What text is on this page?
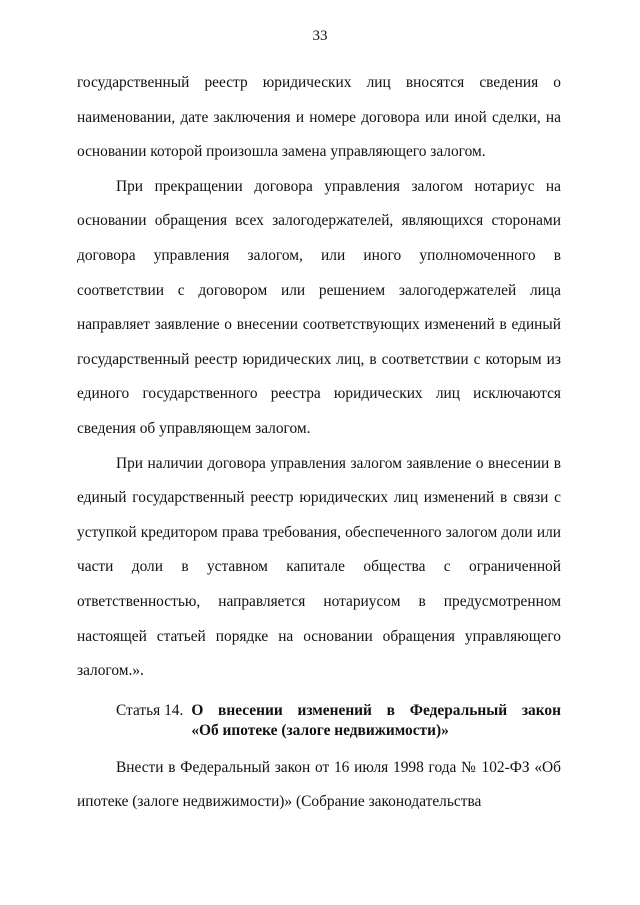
33

государственный реестр юридических лиц вносятся сведения о наименовании, дате заключения и номере договора или иной сделки, на основании которой произошла замена управляющего залогом.

При прекращении договора управления залогом нотариус на основании обращения всех залогодержателей, являющихся сторонами договора управления залогом, или иного уполномоченного в соответствии с договором или решением залогодержателей лица направляет заявление о внесении соответствующих изменений в единый государственный реестр юридических лиц, в соответствии с которым из единого государственного реестра юридических лиц исключаются сведения об управляющем залогом.

При наличии договора управления залогом заявление о внесении в единый государственный реестр юридических лиц изменений в связи с уступкой кредитором права требования, обеспеченного залогом доли или части доли в уставном капитале общества с ограниченной ответственностью, направляется нотариусом в предусмотренном настоящей статьей порядке на основании обращения управляющего залогом.».

Статья 14. О внесении изменений в Федеральный закон
«Об ипотеке (залоге недвижимости)»

Внести в Федеральный закон от 16 июля 1998 года № 102-ФЗ «Об ипотеке (залоге недвижимости)» (Собрание законодательства
